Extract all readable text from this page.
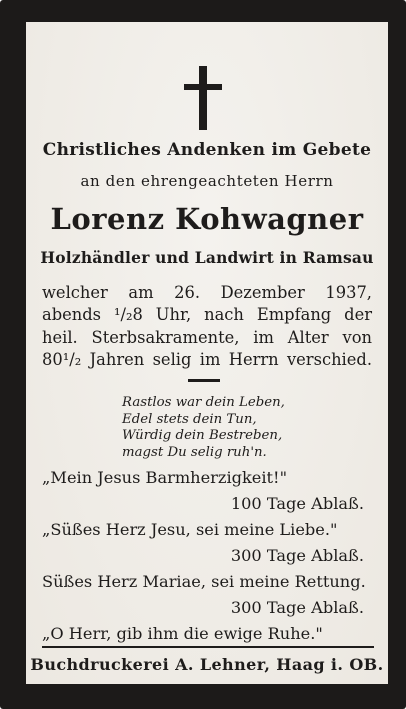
Christliches Andenken im Gebete
an den ehrengeachteten Herrn
Lorenz Kohwagner
Holzhändler und Landwirt in Ramsau
welcher am 26. Dezember 1937,
abends ¹/₂8 Uhr, nach Empfang der
heil. Sterbsakramente, im Alter von
80¹/₂ Jahren selig im Herrn verschied.
Rastlos war dein Leben,
Edel stets dein Tun,
Würdig dein Bestreben,
magst Du selig ruh'n.
„Mein Jesus Barmherzigkeit!"
100 Tage Ablaß.
„Süßes Herz Jesu, sei meine Liebe."
300 Tage Ablaß.
Süßes Herz Mariae, sei meine Rettung.
300 Tage Ablaß.
„O Herr, gib ihm die ewige Ruhe."
Buchdruckerei A. Lehner, Haag i. OB.
